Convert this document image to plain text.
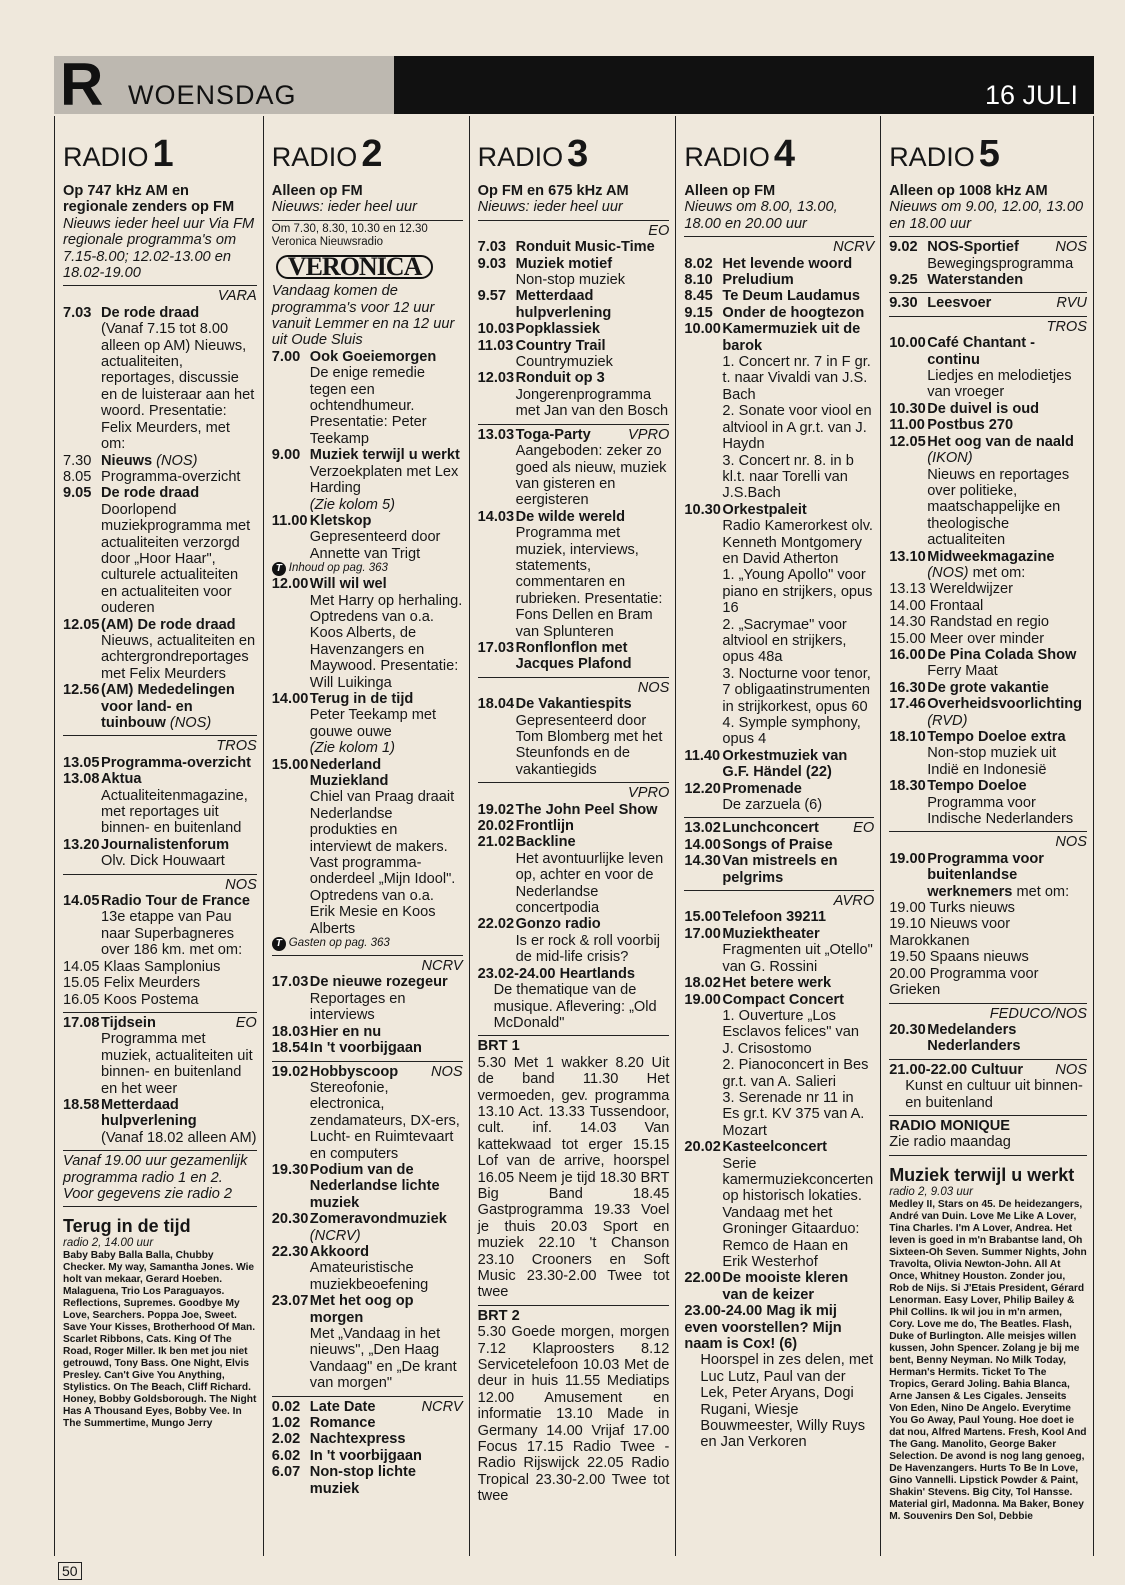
R WOENSDAG	16 JULI
RADIO 1
Op 747 kHz AM en regionale zenders op FM
Nieuws ieder heel uur Via FM regionale programma's om 7.15-8.00; 12.02-13.00 en 18.02-19.00
VARA
7.03 De rode draad
(Vanaf 7.15 tot 8.00 alleen op AM) Nieuws, actualiteiten, reportages, discussie en de luisteraar aan het woord. Presentatie: Felix Meurders, met om:
7.30 Nieuws (NOS)
8.05 Programma-overzicht
9.05 De rode draad
Doorlopend muziekprogramma met actualiteiten verzorgd door „Hoor Haar", culturele actualiteiten en actualiteiten voor ouderen
12.05 (AM) De rode draad
Nieuws, actualiteiten en achtergrondreportages met Felix Meurders
12.56 (AM) Mededelingen voor land- en tuinbouw (NOS)
TROS
13.05 Programma-overzicht
13.08 Aktua
Actualiteitenmagazine, met reportages uit binnen- en buitenland
13.20 Journalistenforum
Olv. Dick Houwaart
NOS
14.05 Radio Tour de France
13e etappe van Pau naar Superbagneres over 186 km. met om:
14.05 Klaas Samplonius
15.05 Felix Meurders
16.05 Koos Postema
17.08 Tijdsein	EO
Programma met muziek, actualiteiten uit binnen- en buitenland en het weer
18.58 Metterdaad hulpverlening
(Vanaf 18.02 alleen AM)
Vanaf 19.00 uur gezamenlijk programma radio 1 en 2. Voor gegevens zie radio 2
Terug in de tijd
radio 2, 14.00 uur
Baby Baby Balla Balla, Chubby Checker. My way, Samantha Jones. Wie holt van mekaar, Gerard Hoeben. Malaguena, Trio Los Paraguayos. Reflections, Supremes. Goodbye My Love, Searchers. Poppa Joe, Sweet. Save Your Kisses, Brotherhood Of Man. Scarlet Ribbons, Cats. King Of The Road, Roger Miller. Ik ben met jou niet getrouwd, Tony Bass. One Night, Elvis Presley. Can't Give You Anything, Stylistics. On The Beach, Cliff Richard. Honey, Bobby Goldsborough. The Night Has A Thousand Eyes, Bobby Vee. In The Summertime, Mungo Jerry
RADIO 2
Alleen op FM
Nieuws: ieder heel uur
Om 7.30, 8.30, 10.30 en 12.30 Veronica Nieuwsradio
VERONICA
Vandaag komen de programma's voor 12 uur vanuit Lemmer en na 12 uur uit Oude Sluis
7.00 Ook Goeiemorgen
De enige remedie tegen een ochtendhumeur. Presentatie: Peter Teekamp
9.00 Muziek terwijl u werkt
Verzoekplaten met Lex Harding
(Zie kolom 5)
11.00 Kletskop
Gepresenteerd door Annette van Trigt
T Inhoud op pag. 363
12.00 Will wil wel
Met Harry op herhaling. Optredens van o.a. Koos Alberts, de Havenzangers en Maywood. Presentatie: Will Luikinga
14.00 Terug in de tijd
Peter Teekamp met gouwe ouwe
(Zie kolom 1)
15.00 Nederland Muziekland
Chiel van Praag draait Nederlandse produkties en interviewt de makers. Vast programma-onderdeel „Mijn Idool". Optredens van o.a. Erik Mesie en Koos Alberts
T Gasten op pag. 363
NCRV
17.03 De nieuwe rozegeur
Reportages en interviews
18.03 Hier en nu
18.54 In 't voorbijgaan
19.02 Hobbyscoop NOS
Stereofonie, electronica, zendamateurs, DX-ers, Lucht- en Ruimtevaart en computers
19.30 Podium van de Nederlandse lichte muziek
20.30 Zomeravondmuziek (NCRV)
22.30 Akkoord
Amateuristische muziekbeoefening
23.07 Met het oog op morgen
Met „Vandaag in het nieuws", „Den Haag Vandaag" en „De krant van morgen"
0.02 Late Date	NCRV
1.02 Romance
2.02 Nachtexpress
6.02 In 't voorbijgaan
6.07 Non-stop lichte muziek
RADIO 3
Op FM en 675 kHz AM
Nieuws: ieder heel uur
EO
7.03 Ronduit Music-Time
9.03 Muziek motief
Non-stop muziek
9.57 Metterdaad hulpverlening
10.03 Popklassiek
11.03 Country Trail
Countrymuziek
12.03 Ronduit op 3
Jongerenprogramma met Jan van den Bosch
13.03 Toga-Party	VPRO
Aangeboden: zeker zo goed als nieuw, muziek van gisteren en eergisteren
14.03 De wilde wereld
Programma met muziek, interviews, statements, commentaren en rubrieken. Presentatie: Fons Dellen en Bram van Splunteren
17.03 Ronflonflon met Jacques Plafond
NOS
18.04 De Vakantiespits
Gepresenteerd door Tom Blomberg met het Steunfonds en de vakantiegids
VPRO
19.02 The John Peel Show
20.02 Frontlijn
21.02 Backline
Het avontuurlijke leven op, achter en voor de Nederlandse concertpodia
22.02 Gonzo radio
Is er rock & roll voorbij de mid-life crisis?
23.02-24.00 Heartlands
De thematique van de musique. Aflevering: „Old McDonald"
BRT 1
5.30 Met 1 wakker 8.20 Uit de band 11.30 Het vermoeden, gev. programma 13.10 Act. 13.33 Tussendoor, cult. inf. 14.03 Van kattekwaad tot erger 15.15 Lof van de arrive, hoorspel 16.05 Neem je tijd 18.30 BRT Big Band 18.45 Gastprogramma 19.33 Voel je thuis 20.03 Sport en muziek 22.10 't Chanson 23.10 Crooners en Soft Music 23.30-2.00 Twee tot twee
BRT 2
5.30 Goede morgen, morgen 7.12 Klaproosters 8.12 Servicetelefoon 10.03 Met de deur in huis 11.55 Mediatips 12.00 Amusement en informatie 13.10 Made in Germany 14.00 Vrijaf 17.00 Focus 17.15 Radio Twee - Radio Rijswijck 22.05 Radio Tropical 23.30-2.00 Twee tot twee
RADIO 4
Alleen op FM
Nieuws om 8.00, 13.00, 18.00 en 20.00 uur
NCRV
8.02 Het levende woord
8.10 Preludium
8.45 Te Deum Laudamus
9.15 Onder de hoogtezon
10.00 Kamermuziek uit de barok
1. Concert nr. 7 in F gr. t. naar Vivaldi van J.S. Bach
2. Sonate voor viool en altviool in A gr.t. van J. Haydn
3. Concert nr. 8. in b kl.t. naar Torelli van J.S.Bach
10.30 Orkestpaleit
Radio Kamerorkest olv. Kenneth Montgomery en David Atherton
1. „Young Apollo" voor piano en strijkers, opus 16
2. „Sacrymae" voor altviool en strijkers, opus 48a
3. Nocturne voor tenor, 7 obligaatinstrumenten in strijkorkest, opus 60
4. Symple symphony, opus 4
11.40 Orkestmuziek van G.F. Händel (22)
12.20 Promenade
De zarzuela (6)
13.02 Lunchconcert EO
14.00 Songs of Praise
14.30 Van mistreels en pelgrims
AVRO
15.00 Telefoon 39211
17.00 Muziektheater
Fragmenten uit „Otello" van G. Rossini
18.02 Het betere werk
19.00 Compact Concert
1. Ouverture „Los Esclavos felices" van J. Crisostomo
2. Pianoconcert in Bes gr.t. van A. Salieri
3. Serenade nr 11 in Es gr.t. KV 375 van A. Mozart
20.02 Kasteelconcert
Serie kamermuziekconcerten op historisch lokaties. Vandaag met het Groninger Gitaarduo: Remco de Haan en Erik Westerhof
22.00 De mooiste kleren van de keizer
23.00-24.00 Mag ik mij even voorstellen? Mijn naam is Cox! (6)
Hoorspel in zes delen, met Luc Lutz, Paul van der Lek, Peter Aryans, Dogi Rugani, Wiesje Bouwmeester, Willy Ruys en Jan Verkoren
RADIO 5
Alleen op 1008 kHz AM
Nieuws om 9.00, 12.00, 13.00 en 18.00 uur
9.02 NOS-Sportief	NOS
Bewegingsprogramma
9.25 Waterstanden
9.30 Leesvoer	RVU
TROS
10.00 Café Chantant - continu
Liedjes en melodietjes van vroeger
10.30 De duivel is oud
11.00 Postbus 270
12.05 Het oog van de naald (IKON)
Nieuws en reportages over politieke, maatschappelijke en theologische actualiteiten
13.10 Midweekmagazine (NOS) met om:
13.13 Wereldwijzer
14.00 Frontaal
14.30 Randstad en regio
15.00 Meer over minder
16.00 De Pina Colada Show
Ferry Maat
16.30 De grote vakantie
17.46 Overheidsvoorlichting (RVD)
18.10 Tempo Doeloe extra
Non-stop muziek uit Indië en Indonesië
18.30 Tempo Doeloe
Programma voor Indische Nederlanders
NOS
19.00 Programma voor buitenlandse werknemers met om:
19.00 Turks nieuws
19.10 Nieuws voor Marokkanen
19.50 Spaans nieuws
20.00 Programma voor Grieken
FEDUCO/NOS
20.30 Medelanders Nederlanders
21.00-22.00 Cultuur NOS
Kunst en cultuur uit binnen- en buitenland
RADIO MONIQUE
Zie radio maandag
Muziek terwijl u werkt
radio 2, 9.03 uur
Medley II, Stars on 45. De heidezangers, André van Duin. Love Me Like A Lover, Tina Charles. I'm A Lover, Andrea. Het leven is goed in m'n Brabantse land, Oh Sixteen-Oh Seven. Summer Nights, John Travolta, Olivia Newton-John. All At Once, Whitney Houston. Zonder jou, Rob de Nijs. Si J'Etais President, Gérard Lenorman. Easy Lover, Philip Bailey & Phil Collins. Ik wil jou in m'n armen, Cory. Love me do, The Beatles. Flash, Duke of Burlington. Alle meisjes willen kussen, John Spencer. Zolang je bij me bent, Benny Neyman. No Milk Today, Herman's Hermits. Ticket To The Tropics, Gerard Joling. Bahia Blanca, Arne Jansen & Les Cigales. Jenseits Von Eden, Nino De Angelo. Everytime You Go Away, Paul Young. Hoe doet ie dat nou, Alfred Martens. Fresh, Kool And The Gang. Manolito, George Baker Selection. De avond is nog lang genoeg, De Havenzangers. Hurts To Be In Love, Gino Vannelli. Lipstick Powder & Paint, Shakin' Stevens. Big City, Tol Hansse. Material girl, Madonna. Ma Baker, Boney M. Souvenirs Den Sol, Debbie
50
